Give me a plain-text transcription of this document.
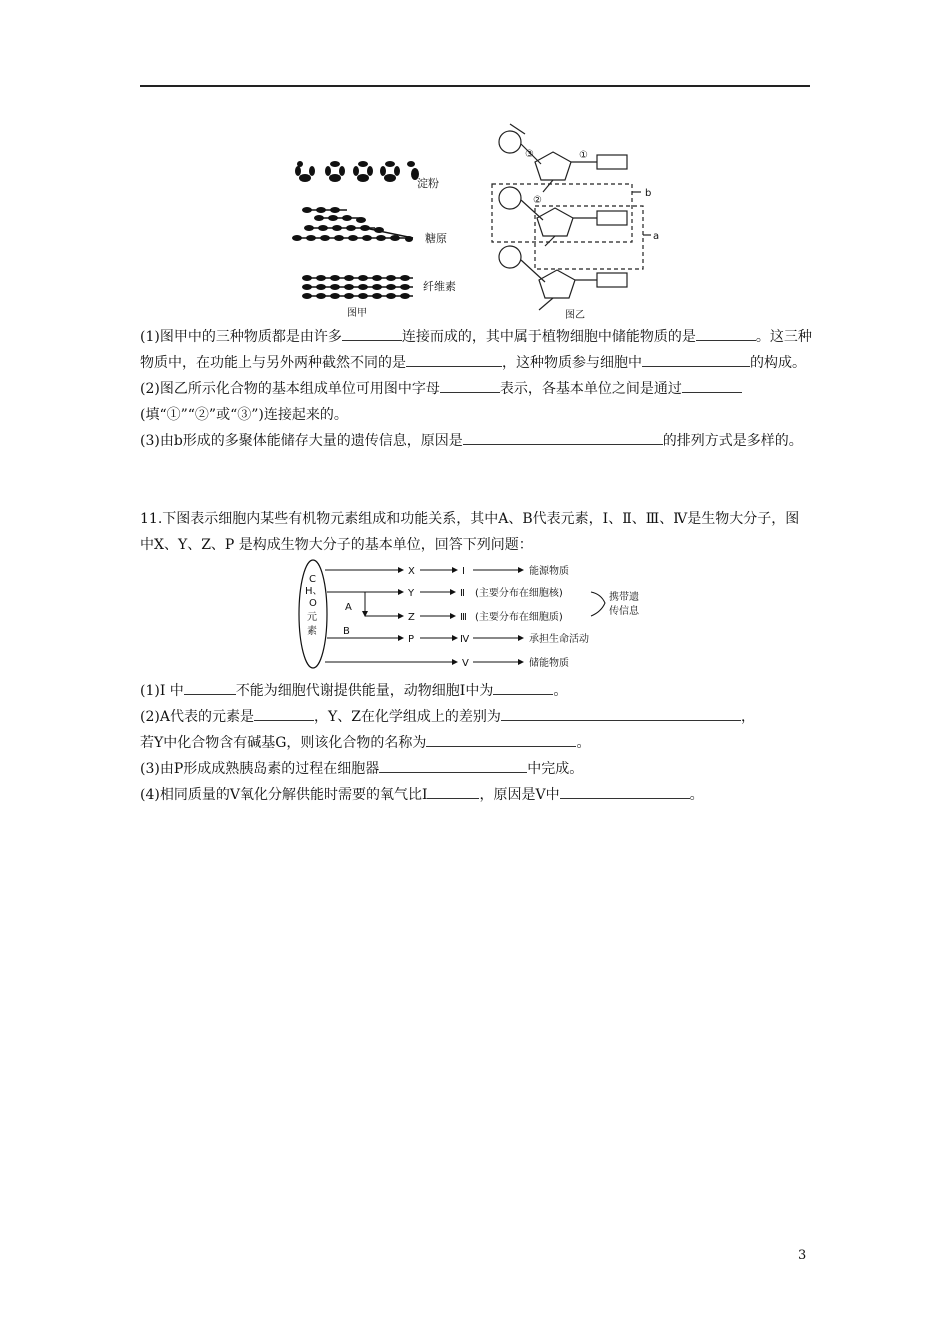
淀粉
糖原
纤维素
图甲
③	①
②
b
a
图乙

(1)图甲中的三种物质都是由许多	连接而成的，其中属于植物细胞中储能物质的是	。这三种物质中，在功能上与另外两种截然不同的是	，这种物质参与细胞中	的构成。

(2)图乙所示化合物的基本组成单位可用图中字母	表示，各基本单位之间是通过(填“①”“②”或“③”)连接起来的。

(3)由b形成的多聚体能储存大量的遗传信息，原因是	的排列方式是多样的。

11.下图表示细胞内某些有机物元素组成和功能关系，其中A、B代表元素，Ⅰ、Ⅱ、Ⅲ、Ⅳ是生物大分子，图中X、Y、Z、P 是构成生物大分子的基本单位，回答下列问题：

C
H、
O
元
素
A
B
X
Y
Z
P
Ⅰ
Ⅱ
Ⅲ
Ⅳ
Ⅴ
能源物质
(主要分布在细胞核)
(主要分布在细胞质)
承担生命活动
储能物质
携带遗
传信息

(1)Ⅰ 中	不能为细胞代谢提供能量，动物细胞Ⅰ中为	。

(2)A代表的元素是	，Y、Z在化学组成上的差别为	，

若Y中化合物含有碱基G，则该化合物的名称为	。

(3)由P形成成熟胰岛素的过程在细胞器	中完成。

(4)相同质量的Ⅴ氧化分解供能时需要的氧气比Ⅰ	，原因是Ⅴ中	。

3
